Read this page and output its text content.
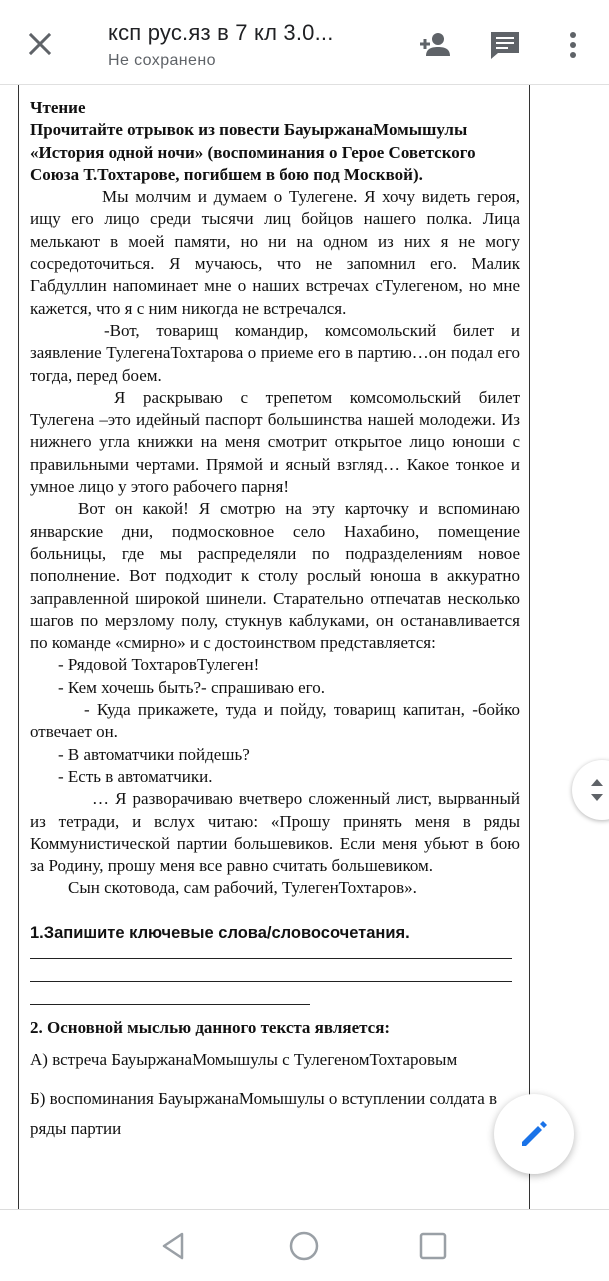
ксп рус.яз в 7 кл 3.0...
Не сохранено

Чтение

Прочитайте отрывок из повести БауыржанаМомышулы «История одной ночи» (воспоминания о Герое Советского Союза Т.Тохтарове, погибшем в бою под Москвой).

Мы молчим и думаем о Тулегене. Я хочу видеть героя, ищу его лицо среди тысячи лиц бойцов нашего полка. Лица мелькают в моей памяти, но ни на одном из них я не могу сосредоточиться. Я мучаюсь, что не запомнил его. Малик Габдуллин напоминает мне о наших встречах сТулегеном, но мне кажется, что я с ним никогда не встречался.

-Вот, товарищ командир, комсомольский билет и заявление ТулегенаТохтарова о приеме его в партию…он подал его тогда, перед боем.

Я раскрываю с трепетом комсомольский билет Тулегена –это идейный паспорт большинства нашей молодежи. Из нижнего угла книжки на меня смотрит открытое лицо юноши с правильными чертами. Прямой и ясный взгляд… Какое тонкое и умное лицо у этого рабочего парня!

Вот он какой! Я смотрю на эту карточку и вспоминаю январские дни, подмосковное село Нахабино, помещение больницы, где мы распределяли по подразделениям новое пополнение. Вот подходит к столу рослый юноша в аккуратно заправленной широкой шинели. Старательно отпечатав несколько шагов по мерзлому полу, стукнув каблуками, он останавливается по команде «смирно» и с достоинством представляется:

- Рядовой ТохтаровТулеген!

- Кем хочешь быть?- спрашиваю его.

- Куда прикажете, туда и пойду, товарищ капитан, -бойко отвечает он.

- В автоматчики пойдешь?

- Есть в автоматчики.

… Я разворачиваю вчетверо сложенный лист, вырванный из тетради, и вслух читаю: «Прошу принять меня в ряды Коммунистической партии большевиков. Если меня убьют в бою за Родину, прошу меня все равно считать большевиком.

Сын скотовода, сам рабочий, ТулегенТохтаров».

1.Запишите ключевые слова/словосочетания.

2. Основной мыслью данного текста является:

А) встреча БауыржанаМомышулы с ТулегеномТохтаровым

Б) воспоминания БауыржанаМомышулы о вступлении солдата в ряды партии
